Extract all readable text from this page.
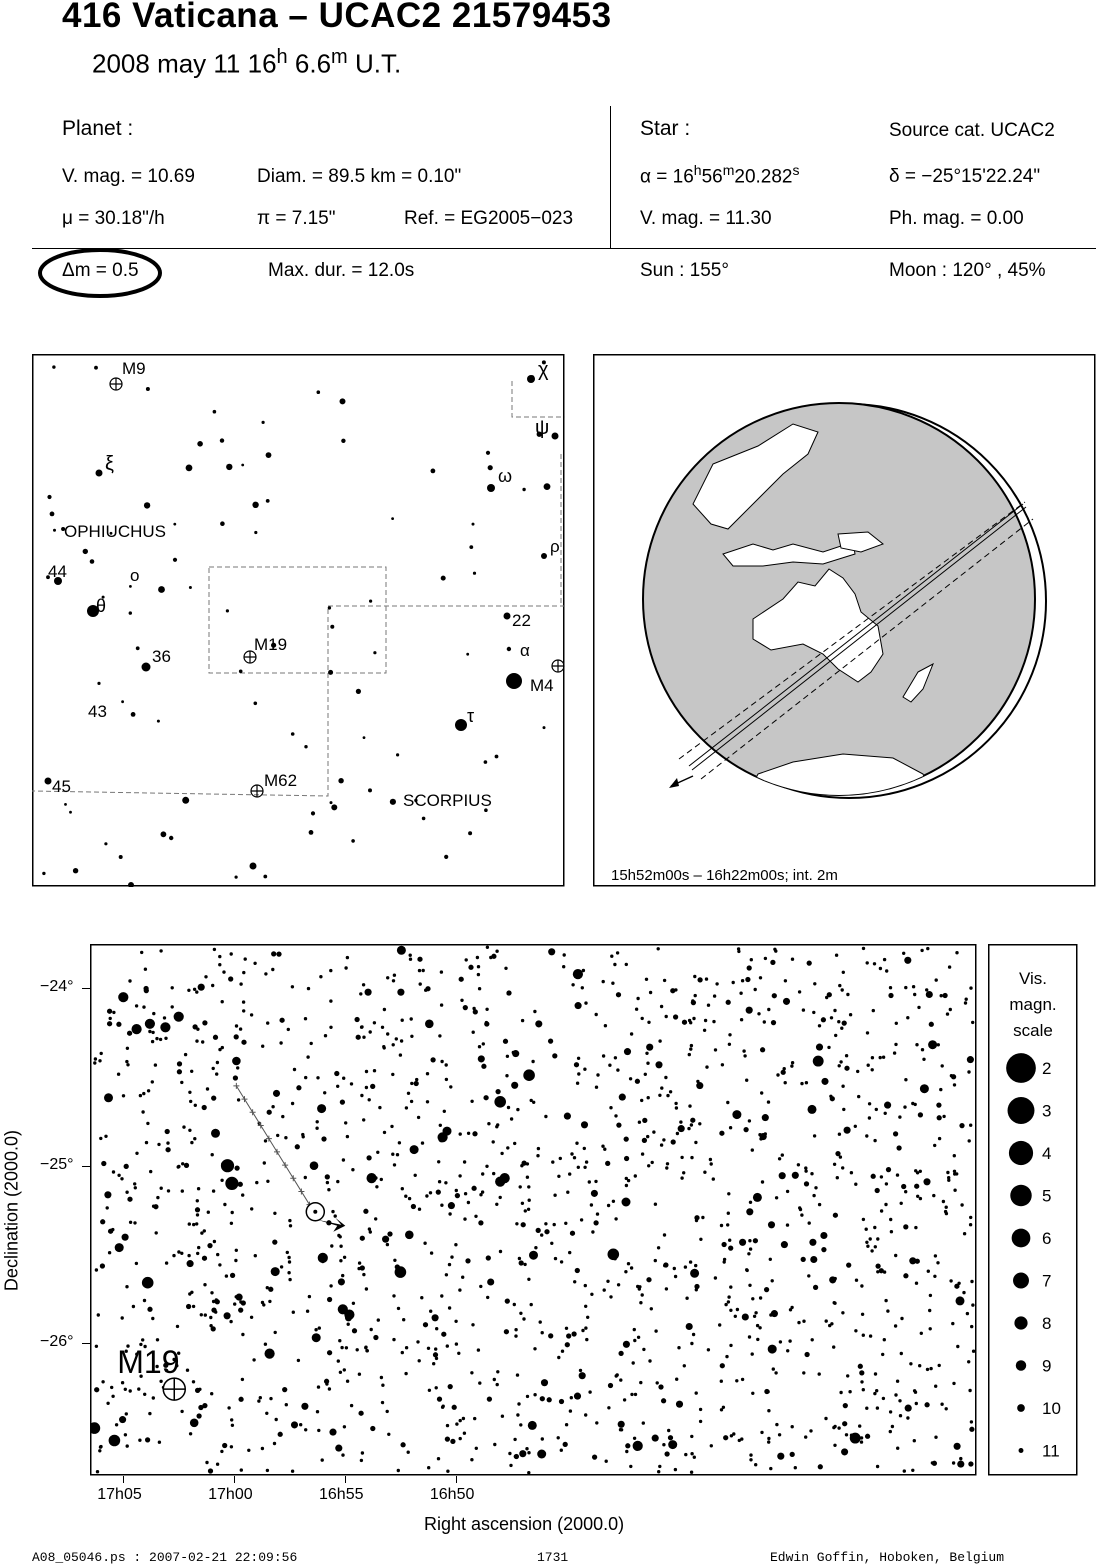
416 Vaticana – UCAC2 21579453
2008 may 11 16$^h$ 6.6$^m$ U.T.
Planet :
V. mag. = 10.69	Diam. = 89.5 km = 0.10"
μ = 30.18"/h	π = 7.15"	Ref. = EG2005−023
Star :	Source cat. UCAC2
$\alpha = 16^h56^m20.282^s$	δ = −25°15'22.24"
V. mag. = 11.30	Ph. mag. = 0.00
Δm = 0.5	Max. dur. = 12.0s	Sun : 155°	Moon : 120° , 45%
χ
ψ
ξ
ω
ρ
o
θ
α
τ
44
36
43
45
22
M9
M19
M4
M62
OPHIUCHUS
SCORPIUS
15h52m00s – 16h22m00s; int. 2m
M19
−24°
−25°
−26°
17h05	17h00	16h55	16h50
Right ascension (2000.0)
Declination (2000.0)
Vis.
magn.
scale
2
3
4
5
6
7
8
9
10
11
A08_05046.ps : 2007-02-21 22:09:56	1731	Edwin Goffin, Hoboken, Belgium
